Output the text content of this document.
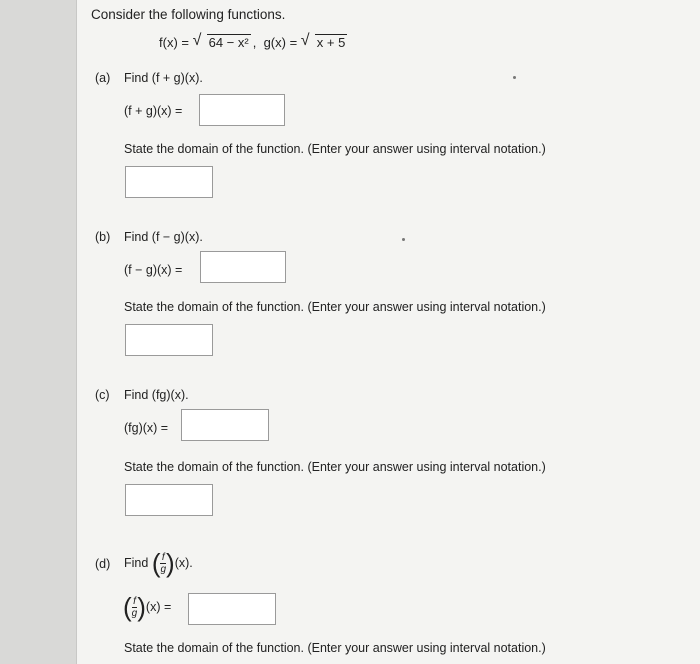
Consider the following functions.
f(x) = √ 64 − x² , g(x) = √ x + 5
(a) Find (f + g)(x).
(f + g)(x) =
State the domain of the function. (Enter your answer using interval notation.)
(b) Find (f − g)(x).
(f − g)(x) =
State the domain of the function. (Enter your answer using interval notation.)
(c) Find (fg)(x).
(fg)(x) =
State the domain of the function. (Enter your answer using interval notation.)
(d) Find ( $\frac{f}{g} )(x)$.
( $\frac{f}{g} )(x)$ =
State the domain of the function. (Enter your answer using interval notation.)
